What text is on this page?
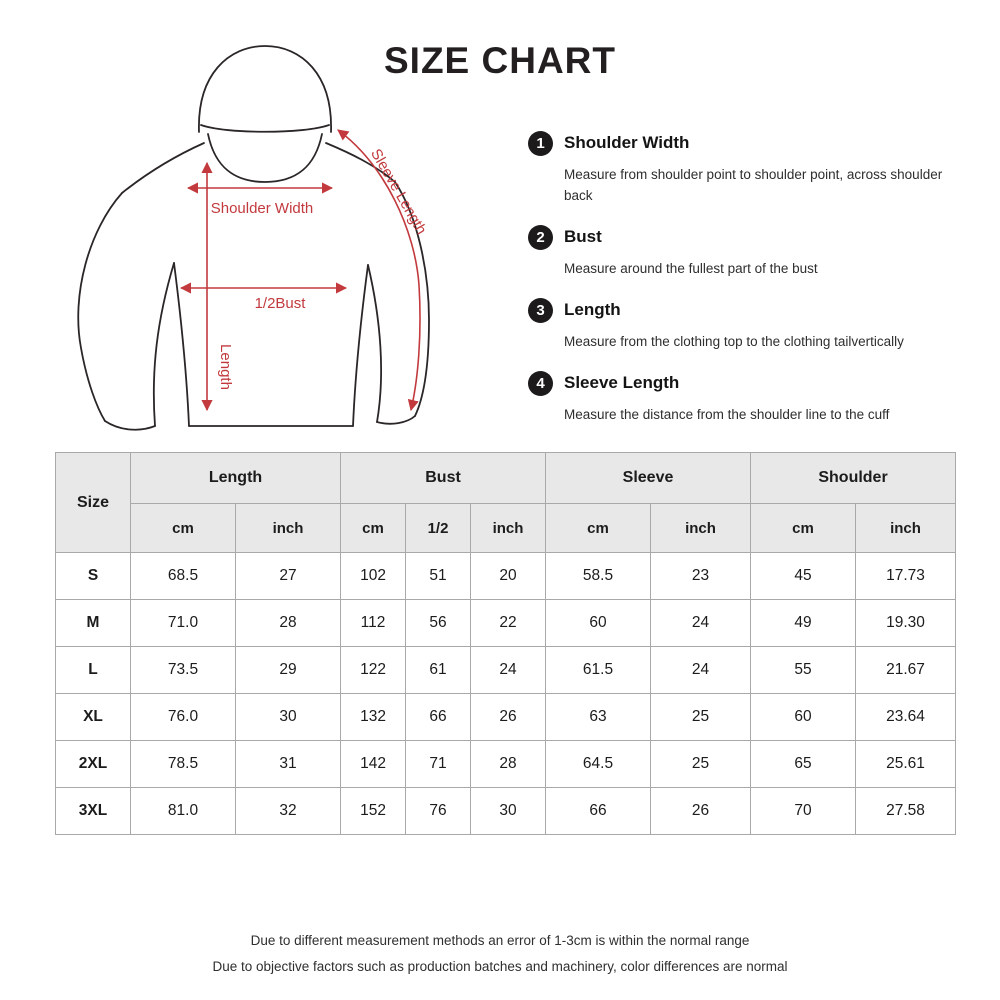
SIZE CHART
Shoulder Width
1/2Bust
Length
Sleeve Length
1	Shoulder Width
Measure from shoulder point to shoulder point, across shoulder back
2	Bust
Measure around the fullest part of the bust
3	Length
Measure from the clothing top to the clothing tailvertically
4	Sleeve Length
Measure the distance from the shoulder line to the cuff
Size	Length		Bust			Sleeve		Shoulder	
	cm	inch	cm	1/2	inch	cm	inch	cm	inch
S	68.5	27	102	51	20	58.5	23	45	17.73
M	71.0	28	112	56	22	60	24	49	19.30
L	73.5	29	122	61	24	61.5	24	55	21.67
XL	76.0	30	132	66	26	63	25	60	23.64
2XL	78.5	31	142	71	28	64.5	25	65	25.61
3XL	81.0	32	152	76	30	66	26	70	27.58
Due to different measurement methods an error of 1-3cm is within the normal range
Due to objective factors such as production batches and machinery, color differences are normal
